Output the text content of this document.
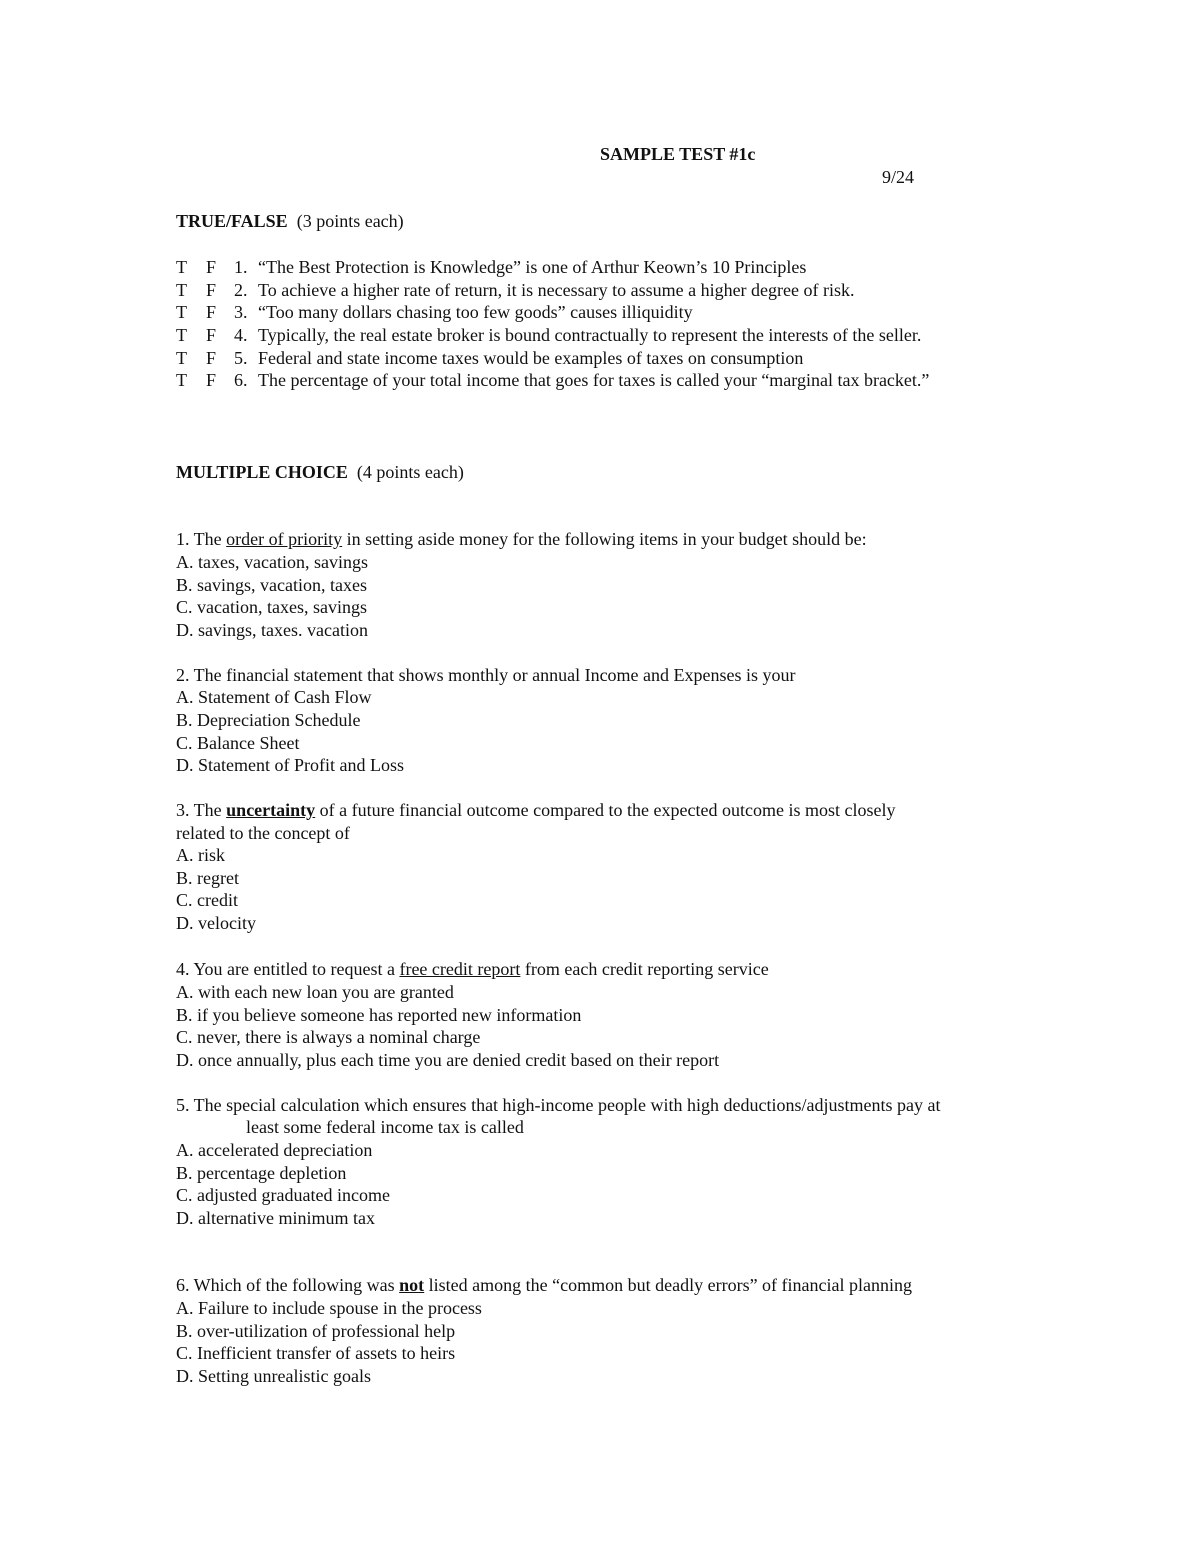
SAMPLE TEST #1c
9/24
TRUE/FALSE (3 points each)
T F 1. “The Best Protection is Knowledge” is one of Arthur Keown’s 10 Principles
T F 2. To achieve a higher rate of return, it is necessary to assume a higher degree of risk.
T F 3. “Too many dollars chasing too few goods” causes illiquidity
T F 4. Typically, the real estate broker is bound contractually to represent the interests of the seller.
T F 5. Federal and state income taxes would be examples of taxes on consumption
T F 6. The percentage of your total income that goes for taxes is called your “marginal tax bracket.”
MULTIPLE CHOICE (4 points each)
1. The order of priority in setting aside money for the following items in your budget should be:
A. taxes, vacation, savings
B. savings, vacation, taxes
C. vacation, taxes, savings
D. savings, taxes. vacation
2. The financial statement that shows monthly or annual Income and Expenses is your
A. Statement of Cash Flow
B. Depreciation Schedule
C. Balance Sheet
D. Statement of Profit and Loss
3. The uncertainty of a future financial outcome compared to the expected outcome is most closely
related to the concept of
A. risk
B. regret
C. credit
D. velocity
4. You are entitled to request a free credit report from each credit reporting service
A. with each new loan you are granted
B. if you believe someone has reported new information
C. never, there is always a nominal charge
D. once annually, plus each time you are denied credit based on their report
5. The special calculation which ensures that high-income people with high deductions/adjustments pay at
least some federal income tax is called
A. accelerated depreciation
B. percentage depletion
C. adjusted graduated income
D. alternative minimum tax
6. Which of the following was not listed among the “common but deadly errors” of financial planning
A. Failure to include spouse in the process
B. over-utilization of professional help
C. Inefficient transfer of assets to heirs
D. Setting unrealistic goals
